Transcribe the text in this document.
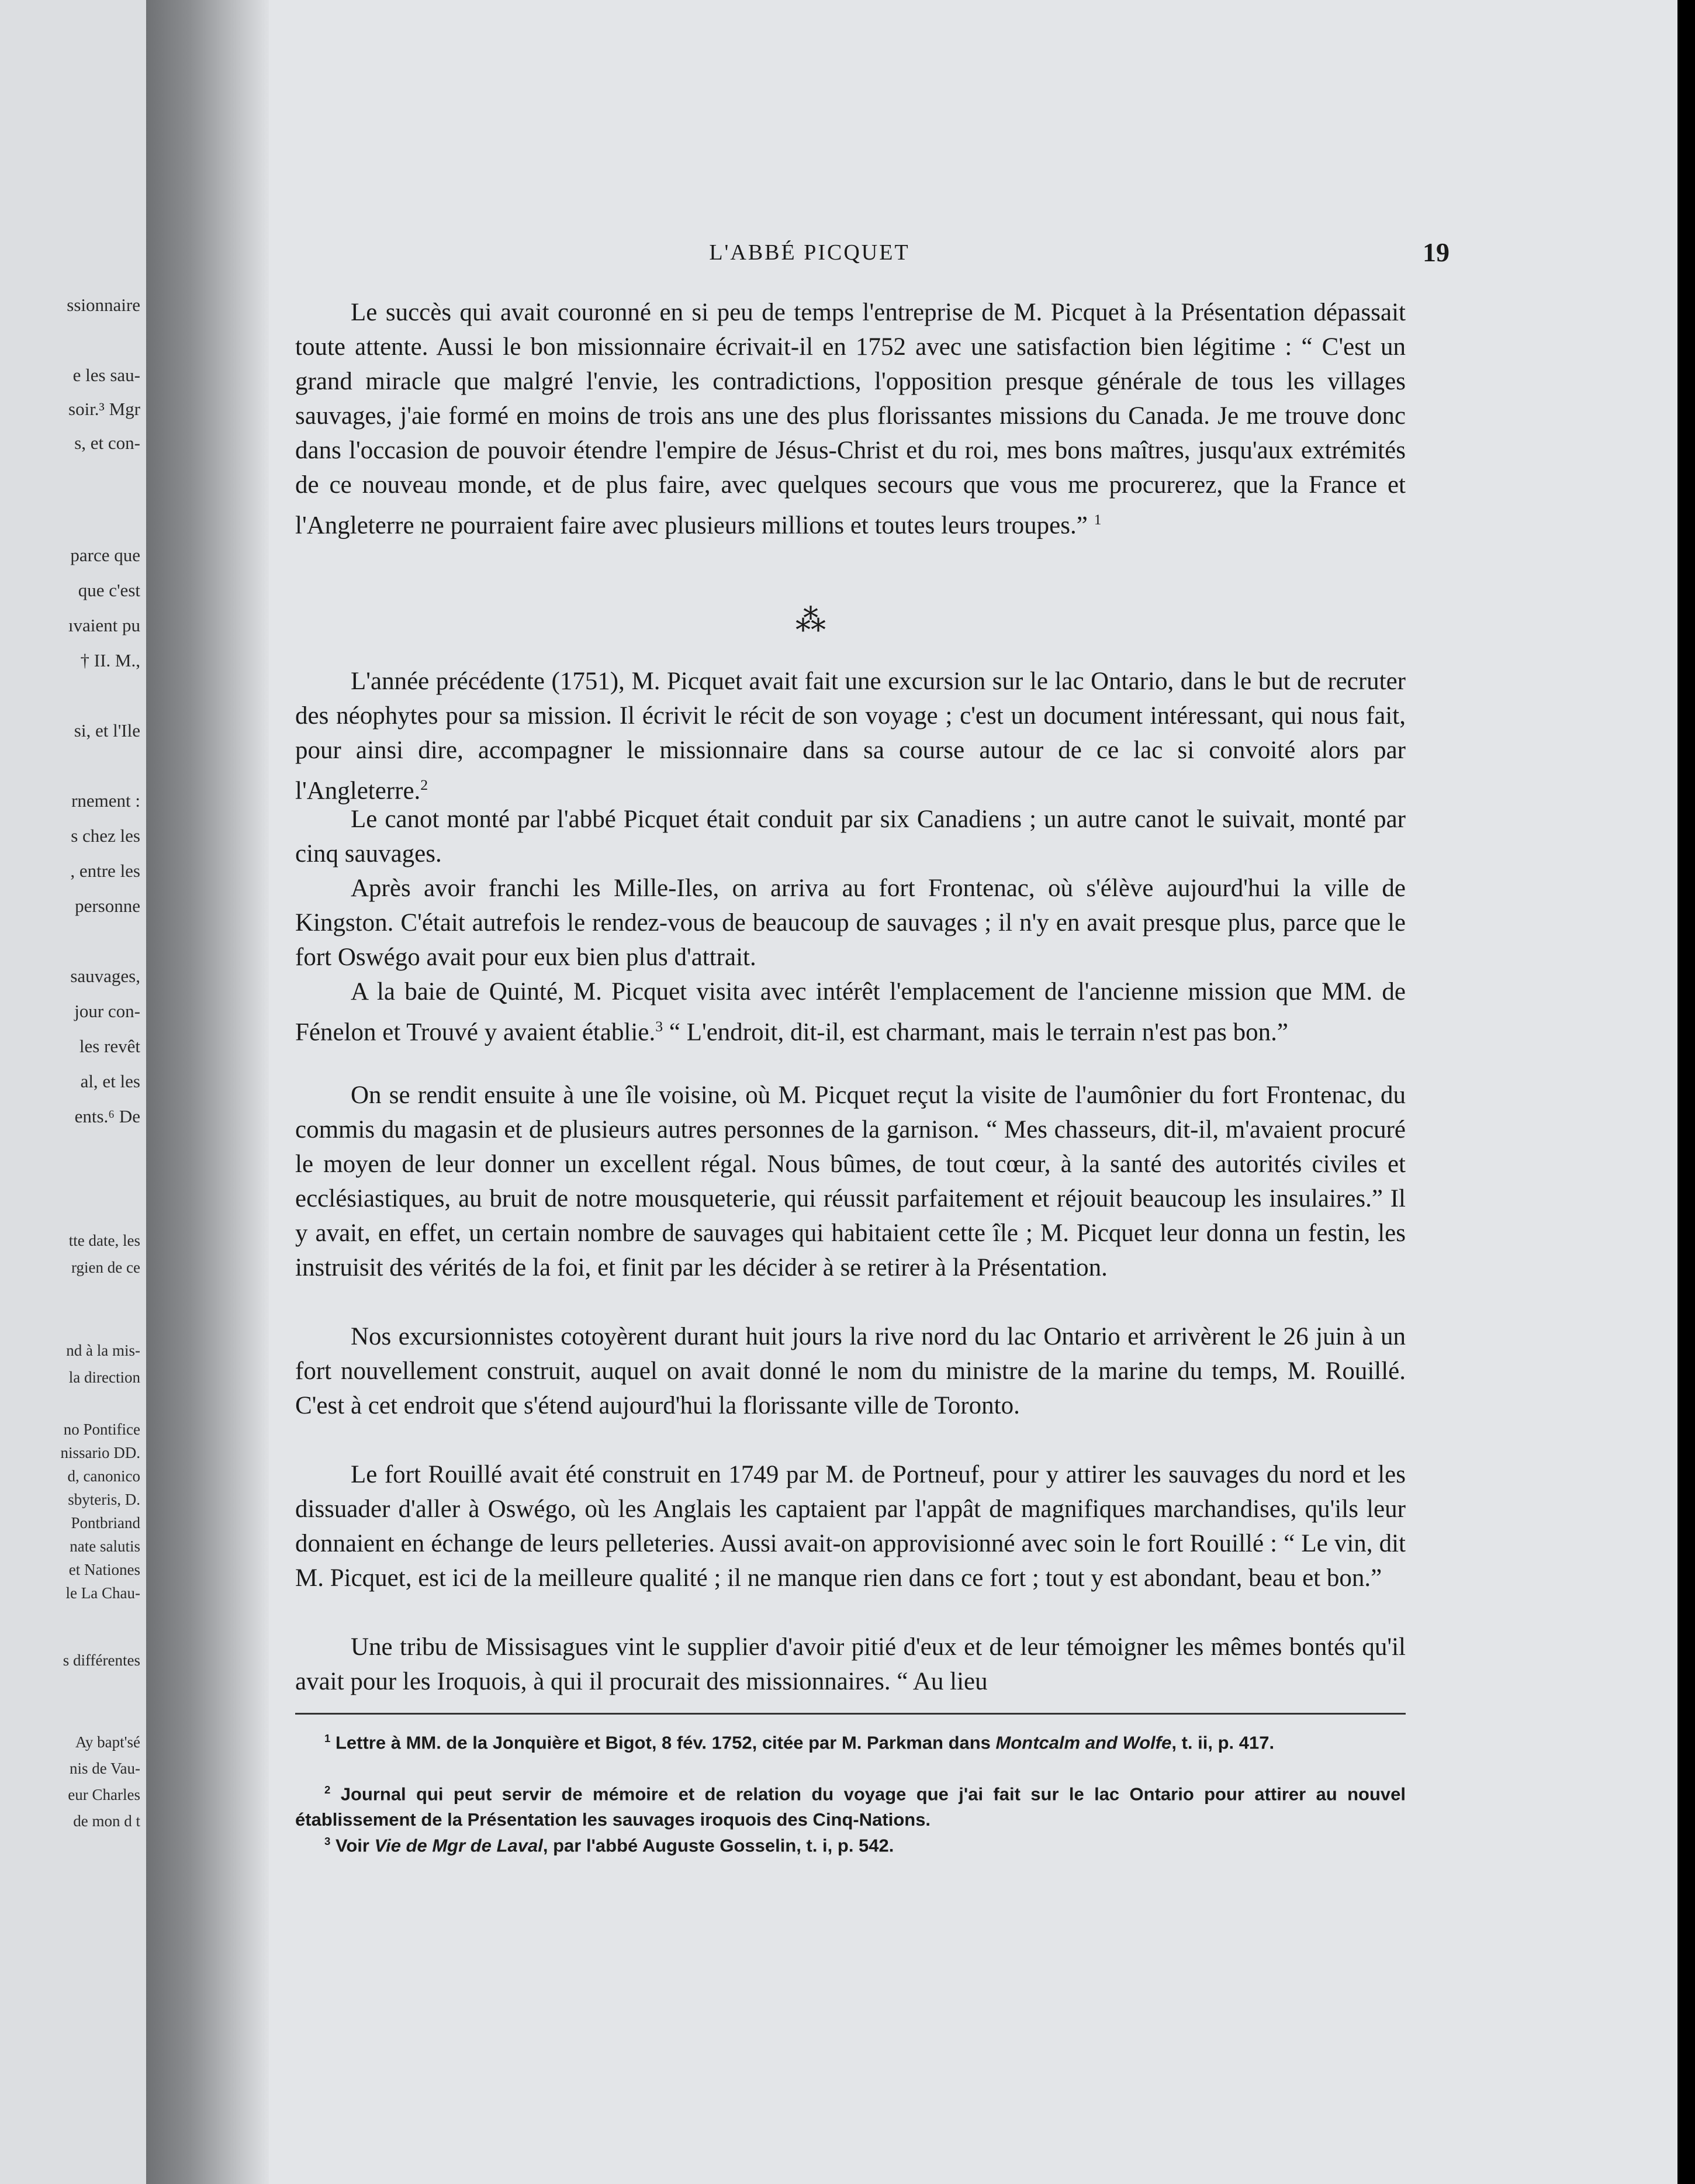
ssionnaire
e les sau-
soir.³ Mgr
s, et con-
parce que
que c'est
ıvaient pu
† II. M.,
si, et l'Ile
rnement :
s chez les
, entre les
personne
sauvages,
jour con-
les revêt
al, et les
ents.⁶ De
tte date, les
rgien de ce
nd à la mis-
la direction
no Pontifice
nissario DD.
d, canonico
sbyteris, D.
Pontbriand
nate salutis
et Nationes
le La Chau-
s différentes
Ay bapt'sé
nis de Vau-
eur Charles
de mon d t
L'ABBÉ PICQUET	19

Le succès qui avait couronné en si peu de temps l'entreprise de M. Picquet à la Présentation dépassait toute attente. Aussi le bon missionnaire écrivait-il en 1752 avec une satisfaction bien légitime : “ C'est un grand miracle que malgré l'envie, les contradictions, l'opposition presque générale de tous les villages sauvages, j'aie formé en moins de trois ans une des plus florissantes missions du Canada. Je me trouve donc dans l'occasion de pouvoir étendre l'empire de Jésus-Christ et du roi, mes bons maîtres, jusqu'aux extrémités de ce nouveau monde, et de plus faire, avec quelques secours que vous me procurerez, que la France et l'Angleterre ne pourraient faire avec plusieurs millions et toutes leurs troupes.” $^1$

⁂

L'année précédente (1751), M. Picquet avait fait une excursion sur le lac Ontario, dans le but de recruter des néophytes pour sa mission. Il écrivit le récit de son voyage ; c'est un document intéressant, qui nous fait, pour ainsi dire, accompagner le missionnaire dans sa course autour de ce lac si convoité alors par l'Angleterre.$^2$

Le canot monté par l'abbé Picquet était conduit par six Canadiens ; un autre canot le suivait, monté par cinq sauvages.

Après avoir franchi les Mille-Iles, on arriva au fort Frontenac, où s'élève aujourd'hui la ville de Kingston. C'était autrefois le rendez-vous de beaucoup de sauvages ; il n'y en avait presque plus, parce que le fort Oswégo avait pour eux bien plus d'attrait.

A la baie de Quinté, M. Picquet visita avec intérêt l'emplacement de l'ancienne mission que MM. de Fénelon et Trouvé y avaient établie.$^3$ “ L'endroit, dit-il, est charmant, mais le terrain n'est pas bon.”

On se rendit ensuite à une île voisine, où M. Picquet reçut la visite de l'aumônier du fort Frontenac, du commis du magasin et de plusieurs autres personnes de la garnison. “ Mes chasseurs, dit-il, m'avaient procuré le moyen de leur donner un excellent régal. Nous bûmes, de tout cœur, à la santé des autorités civiles et ecclésiastiques, au bruit de notre mousqueterie, qui réussit parfaitement et réjouit beaucoup les insulaires.” Il y avait, en effet, un certain nombre de sauvages qui habitaient cette île ; M. Picquet leur donna un festin, les instruisit des vérités de la foi, et finit par les décider à se retirer à la Présentation.

Nos excursionnistes cotoyèrent durant huit jours la rive nord du lac Ontario et arrivèrent le 26 juin à un fort nouvellement construit, auquel on avait donné le nom du ministre de la marine du temps, M. Rouillé. C'est à cet endroit que s'étend aujourd'hui la florissante ville de Toronto.

Le fort Rouillé avait été construit en 1749 par M. de Portneuf, pour y attirer les sauvages du nord et les dissuader d'aller à Oswégo, où les Anglais les captaient par l'appât de magnifiques marchandises, qu'ils leur donnaient en échange de leurs pelleteries. Aussi avait-on approvisionné avec soin le fort Rouillé : “ Le vin, dit M. Picquet, est ici de la meilleure qualité ; il ne manque rien dans ce fort ; tout y est abondant, beau et bon.”

Une tribu de Missisagues vint le supplier d'avoir pitié d'eux et de leur témoigner les mêmes bontés qu'il avait pour les Iroquois, à qui il procurait des missionnaires. “ Au lieu

$^1$ Lettre à MM. de la Jonquière et Bigot, 8 fév. 1752, citée par M. Parkman dans Montcalm and Wolfe, t. ii, p. 417.

$^2$ Journal qui peut servir de mémoire et de relation du voyage que j'ai fait sur le lac Ontario pour attirer au nouvel établissement de la Présentation les sauvages iroquois des Cinq-Nations.

$^3$ Voir Vie de Mgr de Laval, par l'abbé Auguste Gosselin, t. i, p. 542.
